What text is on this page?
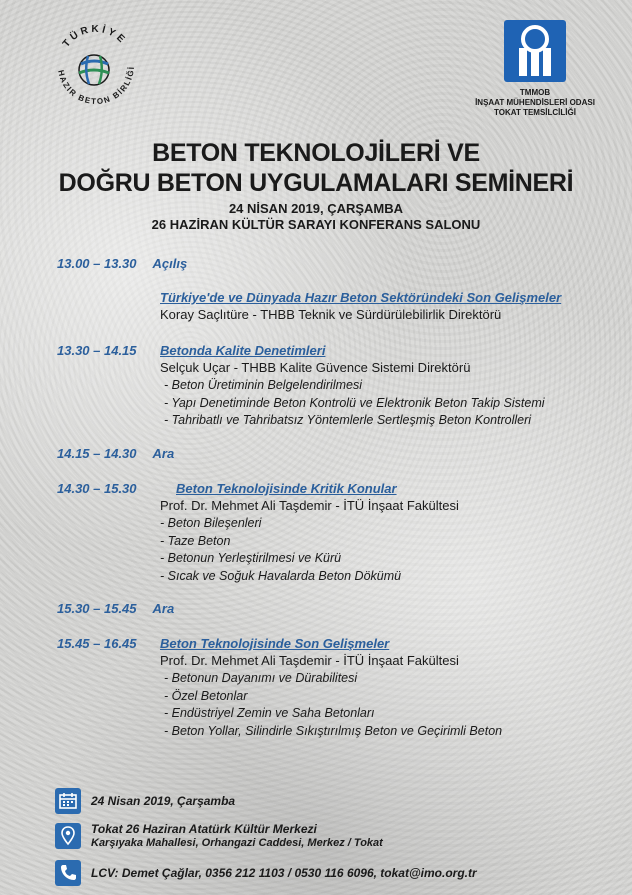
TÜRKİYE
HAZIR BETON BİRLİĞİ
TMMOB
İNŞAAT MÜHENDİSLERİ ODASI
TOKAT TEMSİLCİLİĞİ
BETON TEKNOLOJİLERİ VE
DOĞRU BETON UYGULAMALARI SEMİNERİ
24 NİSAN 2019, ÇARŞAMBA
26 HAZİRAN KÜLTÜR SARAYI KONFERANS SALONU
13.00 – 13.30 Açılış
Türkiye'de ve Dünyada Hazır Beton Sektöründeki Son Gelişmeler
Koray Saçlıtüre - THBB Teknik ve Sürdürülebilirlik Direktörü
13.30 – 14.15 Betonda Kalite Denetimleri
Selçuk Uçar - THBB Kalite Güvence Sistemi Direktörü
- Beton Üretiminin Belgelendirilmesi
- Yapı Denetiminde Beton Kontrolü ve Elektronik Beton Takip Sistemi
- Tahribatlı ve Tahribatsız Yöntemlerle Sertleşmiş Beton Kontrolleri
14.15 – 14.30 Ara
14.30 – 15.30	Beton Teknolojisinde Kritik Konular
Prof. Dr. Mehmet Ali Taşdemir - İTÜ İnşaat Fakültesi
- Beton Bileşenleri
- Taze Beton
- Betonun Yerleştirilmesi ve Kürü
- Sıcak ve Soğuk Havalarda Beton Dökümü
15.30 – 15.45 Ara
15.45 – 16.45 Beton Teknolojisinde Son Gelişmeler
Prof. Dr. Mehmet Ali Taşdemir - İTÜ İnşaat Fakültesi
- Betonun Dayanımı ve Dürabilitesi
- Özel Betonlar
- Endüstriyel Zemin ve Saha Betonları
- Beton Yollar, Silindirle Sıkıştırılmış Beton ve Geçirimli Beton
24 Nisan 2019, Çarşamba
Tokat 26 Haziran Atatürk Kültür Merkezi
Karşıyaka Mahallesi, Orhangazi Caddesi, Merkez / Tokat
LCV: Demet Çağlar, 0356 212 1103 / 0530 116 6096, tokat@imo.org.tr
